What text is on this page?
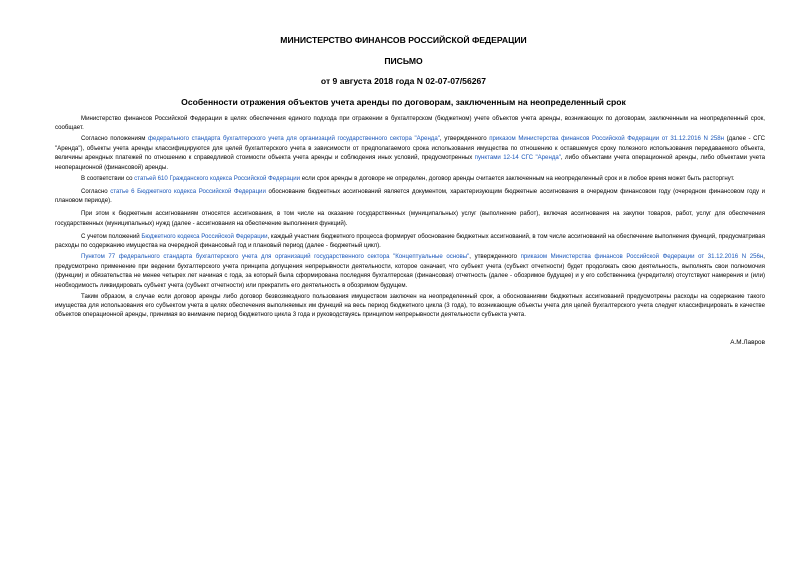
МИНИСТЕРСТВО ФИНАНСОВ РОССИЙСКОЙ ФЕДЕРАЦИИ
ПИСЬМО
от 9 августа 2018 года N 02-07-07/56267
Особенности отражения объектов учета аренды по договорам, заключенным на неопределенный срок

Министерство финансов Российской Федерации в целях обеспечения единого подхода при отражении в бухгалтерском (бюджетном) учете объектов учета аренды, возникающих по договорам, заключенным на неопределенный срок, сообщает.

Согласно положениям федерального стандарта бухгалтерского учета для организаций государственного сектора "Аренда", утвержденного приказом Министерства финансов Российской Федерации от 31.12.2016 N 258н (далее - СГС "Аренда"), объекты учета аренды классифицируются для целей бухгалтерского учета в зависимости от предполагаемого срока использования имущества по отношению к оставшемуся сроку полезного использования передаваемого объекта, величины арендных платежей по отношению к справедливой стоимости объекта учета аренды и соблюдения иных условий, предусмотренных пунктами 12-14 СГС "Аренда", либо объектами учета операционной аренды, либо объектами учета неоперационной (финансовой) аренды.

В соответствии со статьей 610 Гражданского кодекса Российской Федерации если срок аренды в договоре не определен, договор аренды считается заключенным на неопределенный срок и в любое время может быть расторгнут.

Согласно статье 6 Бюджетного кодекса Российской Федерации обоснование бюджетных ассигнований является документом, характеризующим бюджетные ассигнования в очередном финансовом году (очередном финансовом году и плановом периоде).

При этом к бюджетным ассигнованиям относятся ассигнования, в том числе на оказание государственных (муниципальных) услуг (выполнение работ), включая ассигнования на закупки товаров, работ, услуг для обеспечения государственных (муниципальных) нужд (далее - ассигнования на обеспечение выполнения функций).

С учетом положений Бюджетного кодекса Российской Федерации, каждый участник бюджетного процесса формирует обоснование бюджетных ассигнований, в том числе ассигнований на обеспечение выполнения функций, предусматривая расходы по содержанию имущества на очередной финансовый год и плановый период (далее - бюджетный цикл).

Пунктом 77 федерального стандарта бухгалтерского учета для организаций государственного сектора "Концептуальные основы", утвержденного приказом Министерства финансов Российской Федерации от 31.12.2016 N 256н, предусмотрено применение при ведении бухгалтерского учета принципа допущения непрерывности деятельности, которое означает, что субъект учета (субъект отчетности) будет продолжать свою деятельность, выполнять свои полномочия (функции) и обязательства не менее четырех лет начиная с года, за который была сформирована последняя бухгалтерская (финансовая) отчетность (далее - обозримое будущее) и у его собственника (учредителя) отсутствуют намерения и (или) необходимость ликвидировать субъект учета (субъект отчетности) или прекратить его деятельность в обозримом будущем.

Таким образом, в случае если договор аренды либо договор безвозмездного пользования имуществом заключен на неопределенный срок, а обоснованиями бюджетных ассигнований предусмотрены расходы на содержание такого имущества для использования его субъектом учета в целях обеспечения выполняемых им функций на весь период бюджетного цикла (3 года), то возникающие объекты учета для целей бухгалтерского учета следует классифицировать в качестве объектов операционной аренды, принимая во внимание период бюджетного цикла 3 года и руководствуясь принципом непрерывности деятельности субъекта учета.

А.М.Лавров
